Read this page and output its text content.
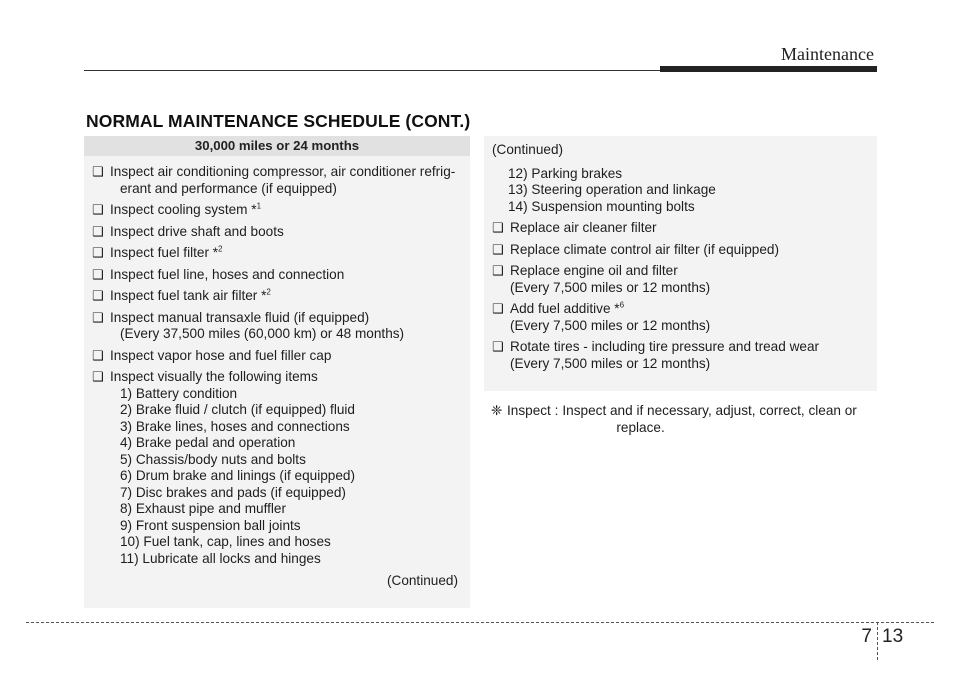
Maintenance
NORMAL MAINTENANCE SCHEDULE (CONT.)
30,000 miles or 24 months
❑ Inspect air conditioning compressor, air conditioner refrig-
erant and performance (if equipped)
❑ Inspect cooling system *$^1$
❑ Inspect drive shaft and boots
❑ Inspect fuel filter *$^2$
❑ Inspect fuel line, hoses and connection
❑ Inspect fuel tank air filter *$^2$
❑ Inspect manual transaxle fluid (if equipped)
(Every 37,500 miles (60,000 km) or 48 months)
❑ Inspect vapor hose and fuel filler cap
❑ Inspect visually the following items
1) Battery condition
2) Brake fluid / clutch (if equipped) fluid
3) Brake lines, hoses and connections
4) Brake pedal and operation
5) Chassis/body nuts and bolts
6) Drum brake and linings (if equipped)
7) Disc brakes and pads (if equipped)
8) Exhaust pipe and muffler
9) Front suspension ball joints
10) Fuel tank, cap, lines and hoses
11) Lubricate all locks and hinges
(Continued)
(Continued)
12) Parking brakes
13) Steering operation and linkage
14) Suspension mounting bolts
❑ Replace air cleaner filter
❑ Replace climate control air filter (if equipped)
❑ Replace engine oil and filter
(Every 7,500 miles or 12 months)
❑ Add fuel additive *$^6$
(Every 7,500 miles or 12 months)
❑ Rotate tires - including tire pressure and tread wear
(Every 7,500 miles or 12 months)
❈ Inspect : Inspect and if necessary, adjust, correct, clean or
replace.
7 13
